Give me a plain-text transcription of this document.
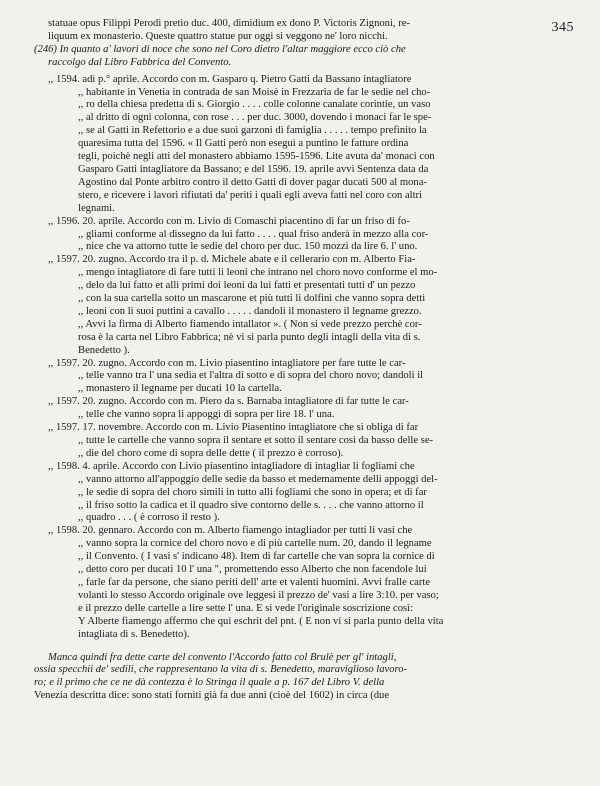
345
statuae opus Filippi Perodi pretio duc. 400, dimidium ex dono P. Victoris Zignoni, re-
liquum ex monasterio. Queste quattro statue pur oggi si veggono ne' loro nicchi.
(246) In quanto a' lavori di noce che sono nel Coro dietro l'altar maggiore ecco ciò che
raccolgo dal Libro Fabbrica del Convento.
,, 1594. adì p.° aprile. Accordo con m. Gasparo q. Pietro Gatti da Bassano intagliatore
,, habitante in Venetia in contrada de san Moisè in Frezzaria de far le sedie nel cho-
,, ro della chiesa predetta di s. Giorgio . . . . colle colonne canalate corintie, un vaso
,, al dritto di ogni colonna, con rose . . . per duc. 3000, dovendo i monaci far le spe-
,, se al Gatti in Refettorio e a due suoi garzoni di famiglia . . . . . tempo prefinito la
quaresima tutta del 1596. « Il Gatti però non eseguì a puntino le fatture ordina
tegli, poichè negli atti del monastero abbiamo 1595-1596. Lite avuta da' monaci con
Gasparo Gatti intagliatore da Bassano; e del 1596. 19. aprile avvi Sentenza data da
Agostino dal Ponte arbitro contro il detto Gatti di dover pagar ducati 500 al mona-
stero, e ricevere i lavori rifiutati da' periti i quali egli aveva fatti nel coro con altri
legnami.
,, 1596. 20. aprile. Accordo con m. Livio di Comaschi piacentino di far un friso di fo-
,, gliami conforme al dissegno da lui fatto . . . . qual friso anderà in mezzo alla cor-
,, nice che va attorno tutte le sedie del choro per duc. 150 mozzi da lire 6. l' uno.
,, 1597. 20. zugno. Accordo tra il p. d. Michele abate e il cellerario con m. Alberto Fia-
,, mengo intagliatore di fare tutti li leoni che intrano nel choro novo conforme el mo-
,, delo da lui fatto et alli primi doi leoni da lui fatti et presentati tutti d' un pezzo
,, con la sua cartella sotto un mascarone et più tutti li dolfini che vanno sopra detti
,, leoni con li suoi puttini a cavallo . . . . . dandoli il monastero il legname grezzo.
,, Avvi la firma di Alberto fiamendo intallator ». ( Non si vede prezzo perchè cor-
rosa è la carta nel Libro Fabbrica; nè vi si parla punto degli intagli della vita di s.
Benedetto ).
,, 1597. 20. zugno. Accordo con m. Livio piasentino intagliatore per fare tutte le car-
,, telle vanno tra l' una sedia et l'altra di sotto e di sopra del choro novo; dandoli il
,, monastero il legname per ducati 10 la cartella.
,, 1597. 20. zugno. Accordo con m. Piero da s. Barnaba intagliatore di far tutte le car-
,, telle che vanno sopra li appoggi di sopra per lire 18. l' una.
,, 1597. 17. novembre. Accordo con m. Livio Piasentino intagliatore che si obliga di far
,, tutte le cartelle che vanno sopra il sentare et sotto il sentare cosi da basso delle se-
,, die del choro come di sopra delle dette ( il prezzo è corroso).
,, 1598. 4. aprile. Accordo con Livio piasentino intagliadore di intagliar li fogliami che
,, vanno attorno all'appoggio delle sedie da basso et medemamente delli appoggi del-
,, le sedie di sopra del choro simili in tutto alli fogliami che sono in opera; et di far
,, il friso sotto la cadica et il quadro sive contorno delle s. . . . che vanno attorno il
,, quadro . . . ( è corroso il resto ).
,, 1598. 20. gennaro. Accordo con m. Alberto fiamengo intagliador per tutti li vasi che
,, vanno sopra la cornice del choro novo e di più cartelle num. 20, dando il legname
,, il Convento. ( I vasi s' indicano 48). Item di far cartelle che van sopra la cornice di
,, detto coro per ducati 10 l' una ", promettendo esso Alberto che non facendole lui
,, farle far da persone, che siano periti dell' arte et valenti huomini. Avvi fralle carte
volanti lo stesso Accordo originale ove leggesi il prezzo de' vasi a lire 3:10. per vaso;
e il prezzo delle cartelle a lire sette l' una. E si vede l'originale soscrizione così:
Y Alberte fiamengo affermo che qui eschrit del pnt. ( E non vi si parla punto della vita
intagliata di s. Benedetto).
Manca quindi fra dette carte del convento l'Accordo fatto col Brulè per gl' intagli,
ossia specchii de' sedili, che rappresentano la vita di s. Benedetto, maraviglioso lavoro-
ro; e il primo che ce ne dà contezza è lo Stringa il quale a p. 167 del Libro V. della
Venezia descritta dice: sono stati forniti già fa due anni (cioè del 1602) in circa (due
